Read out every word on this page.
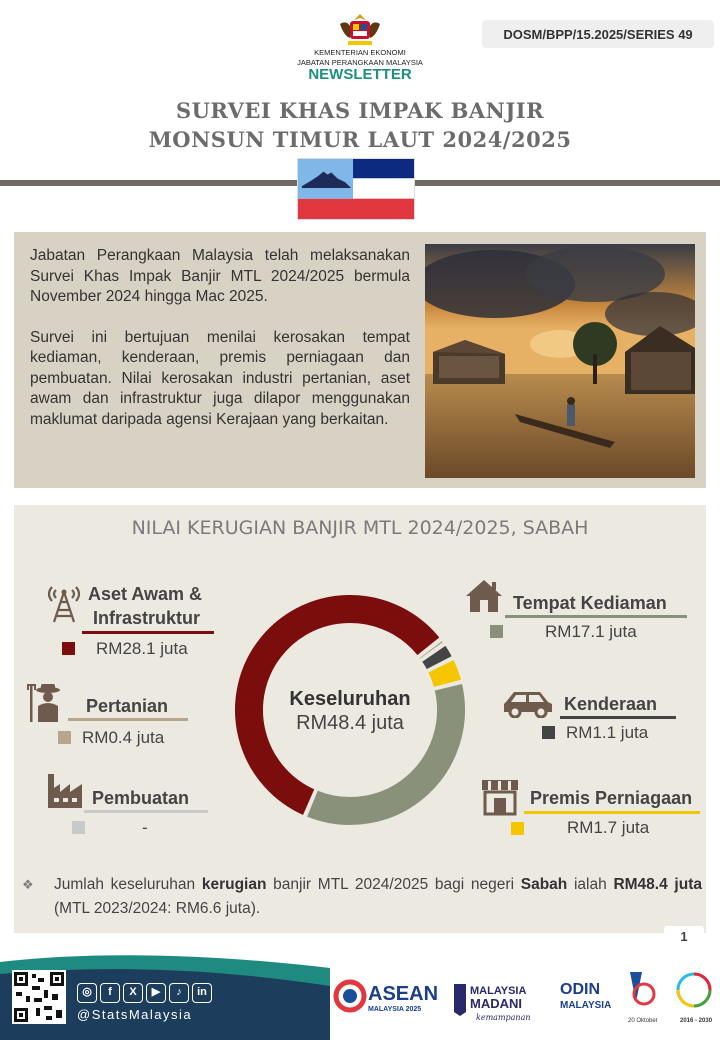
DOSM/BPP/15.2025/SERIES 49
KEMENTERIAN EKONOMI
JABATAN PERANGKAAN MALAYSIA
NEWSLETTER
SURVEI KHAS IMPAK BANJIR
MONSUN TIMUR LAUT 2024/2025

Jabatan Perangkaan Malaysia telah melaksanakan Survei Khas Impak Banjir MTL 2024/2025 bermula November 2024 hingga Mac 2025.

Survei ini bertujuan menilai kerosakan tempat kediaman, kenderaan, premis perniagaan dan pembuatan. Nilai kerosakan industri pertanian, aset awam dan infrastruktur juga dilapor menggunakan maklumat daripada agensi Kerajaan yang berkaitan.

NILAI KERUGIAN BANJIR MTL 2024/2025, SABAH
Keseluruhan
RM48.4 juta
Aset Awam &
Infrastruktur
RM28.1 juta
Pertanian
RM0.4 juta
Pembuatan
-
Tempat Kediaman
RM17.1 juta
Kenderaan
RM1.1 juta
Premis Perniagaan
RM1.7 juta
❖	Jumlah keseluruhan kerugian banjir MTL 2024/2025 bagi negeri Sabah ialah RM48.4 juta (MTL 2023/2024: RM6.6 juta).
1
◎	f	X	▶	♪	in
@StatsMalaysia
ASEAN
MALAYSIA 2025
MALAYSIA
MADANI
kemampanan
ODIN
MALAYSIA
20 Oktober	2016 - 2030
